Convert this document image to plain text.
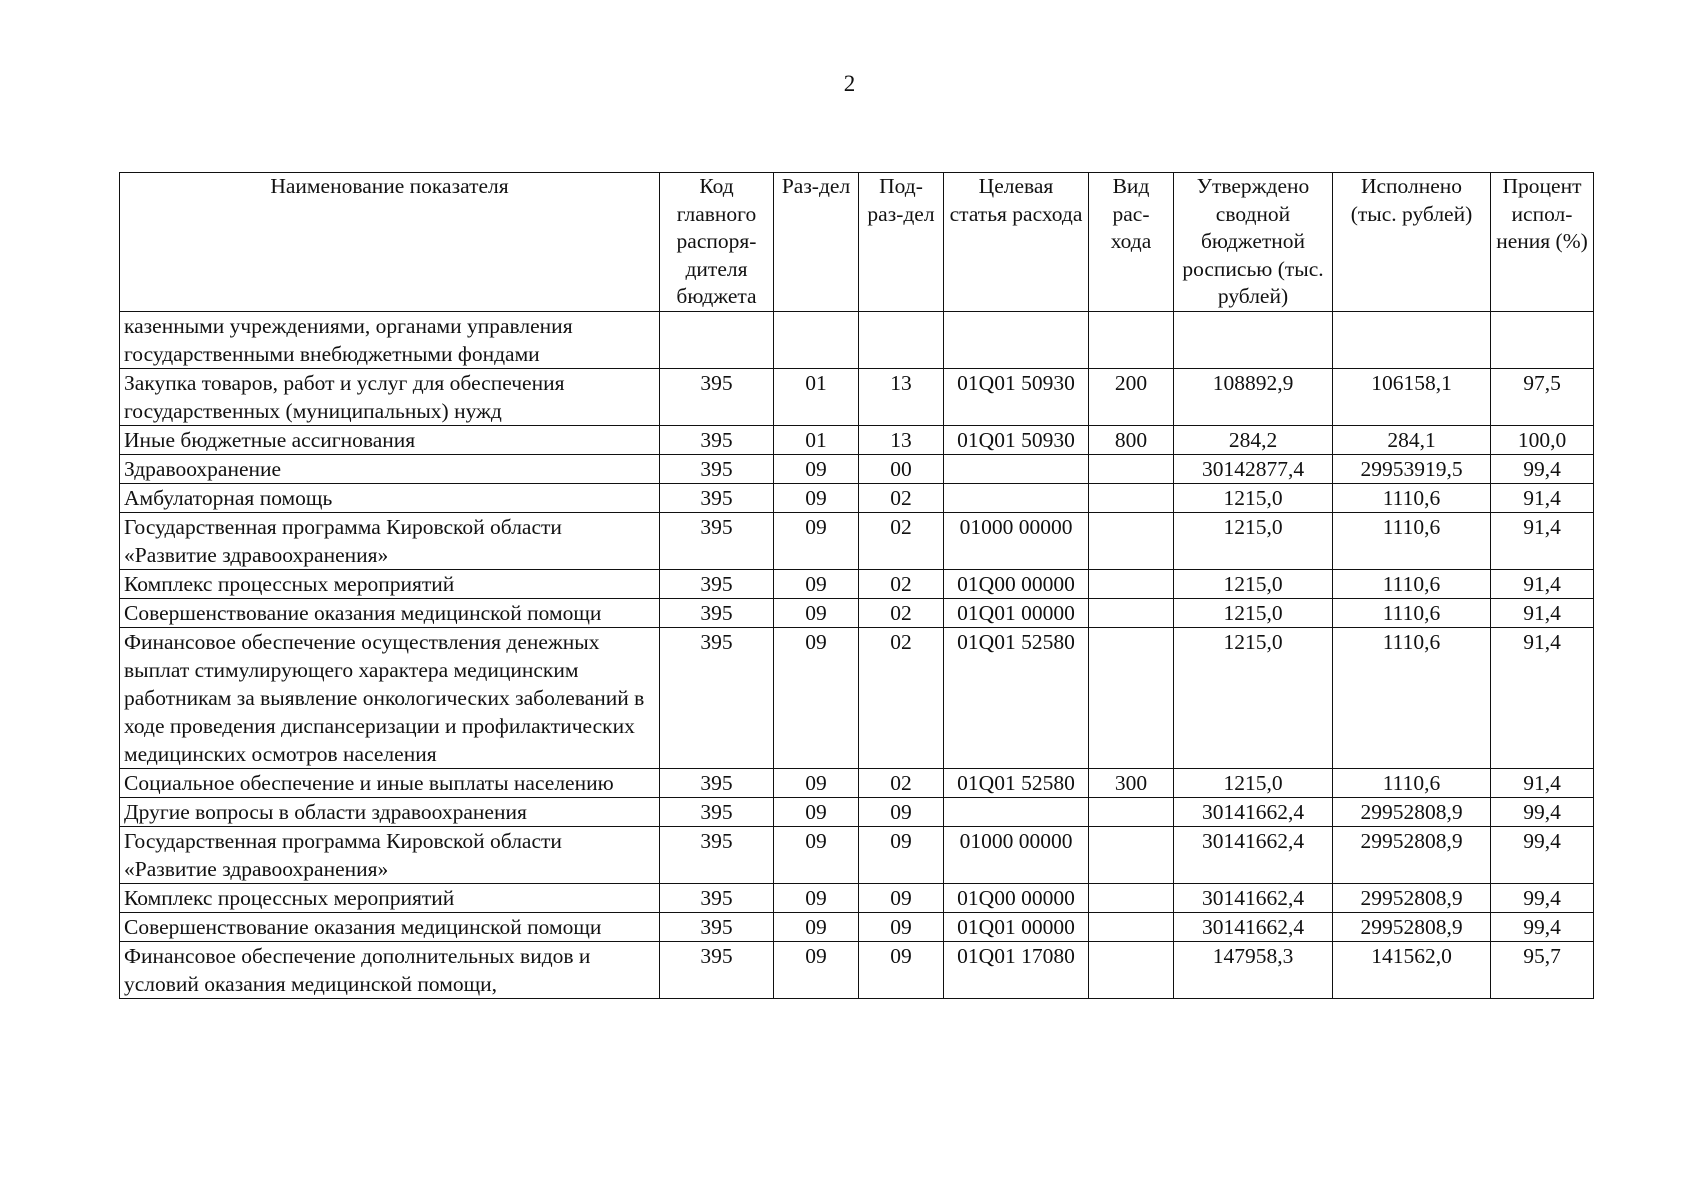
2
Наименование показателя	Код главного распоря-дителя бюджета	Раз-дел	Под-раз-дел	Целевая статья расхода	Вид рас-хода	Утверждено сводной бюджетной росписью (тыс. рублей)	Исполнено (тыс. рублей)	Процент испол-нения (%)
казенными учреждениями, органами управления государственными внебюджетными фондами								
Закупка товаров, работ и услуг для обеспечения государственных (муниципальных) нужд	395	01	13	01Q01 50930	200	108892,9	106158,1	97,5
Иные бюджетные ассигнования	395	01	13	01Q01 50930	800	284,2	284,1	100,0
Здравоохранение	395	09	00			30142877,4	29953919,5	99,4
Амбулаторная помощь	395	09	02			1215,0	1110,6	91,4
Государственная программа Кировской области «Развитие здравоохранения»	395	09	02	01000 00000		1215,0	1110,6	91,4
Комплекс процессных мероприятий	395	09	02	01Q00 00000		1215,0	1110,6	91,4
Совершенствование оказания медицинской помощи	395	09	02	01Q01 00000		1215,0	1110,6	91,4
Финансовое обеспечение осуществления денежных выплат стимулирующего характера медицинским работникам за выявление онкологических заболеваний в ходе проведения диспансеризации и профилактических медицинских осмотров населения	395	09	02	01Q01 52580		1215,0	1110,6	91,4
Социальное обеспечение и иные выплаты населению	395	09	02	01Q01 52580	300	1215,0	1110,6	91,4
Другие вопросы в области здравоохранения	395	09	09			30141662,4	29952808,9	99,4
Государственная программа Кировской области «Развитие здравоохранения»	395	09	09	01000 00000		30141662,4	29952808,9	99,4
Комплекс процессных мероприятий	395	09	09	01Q00 00000		30141662,4	29952808,9	99,4
Совершенствование оказания медицинской помощи	395	09	09	01Q01 00000		30141662,4	29952808,9	99,4
Финансовое обеспечение дополнительных видов и условий оказания медицинской помощи,	395	09	09	01Q01 17080		147958,3	141562,0	95,7
